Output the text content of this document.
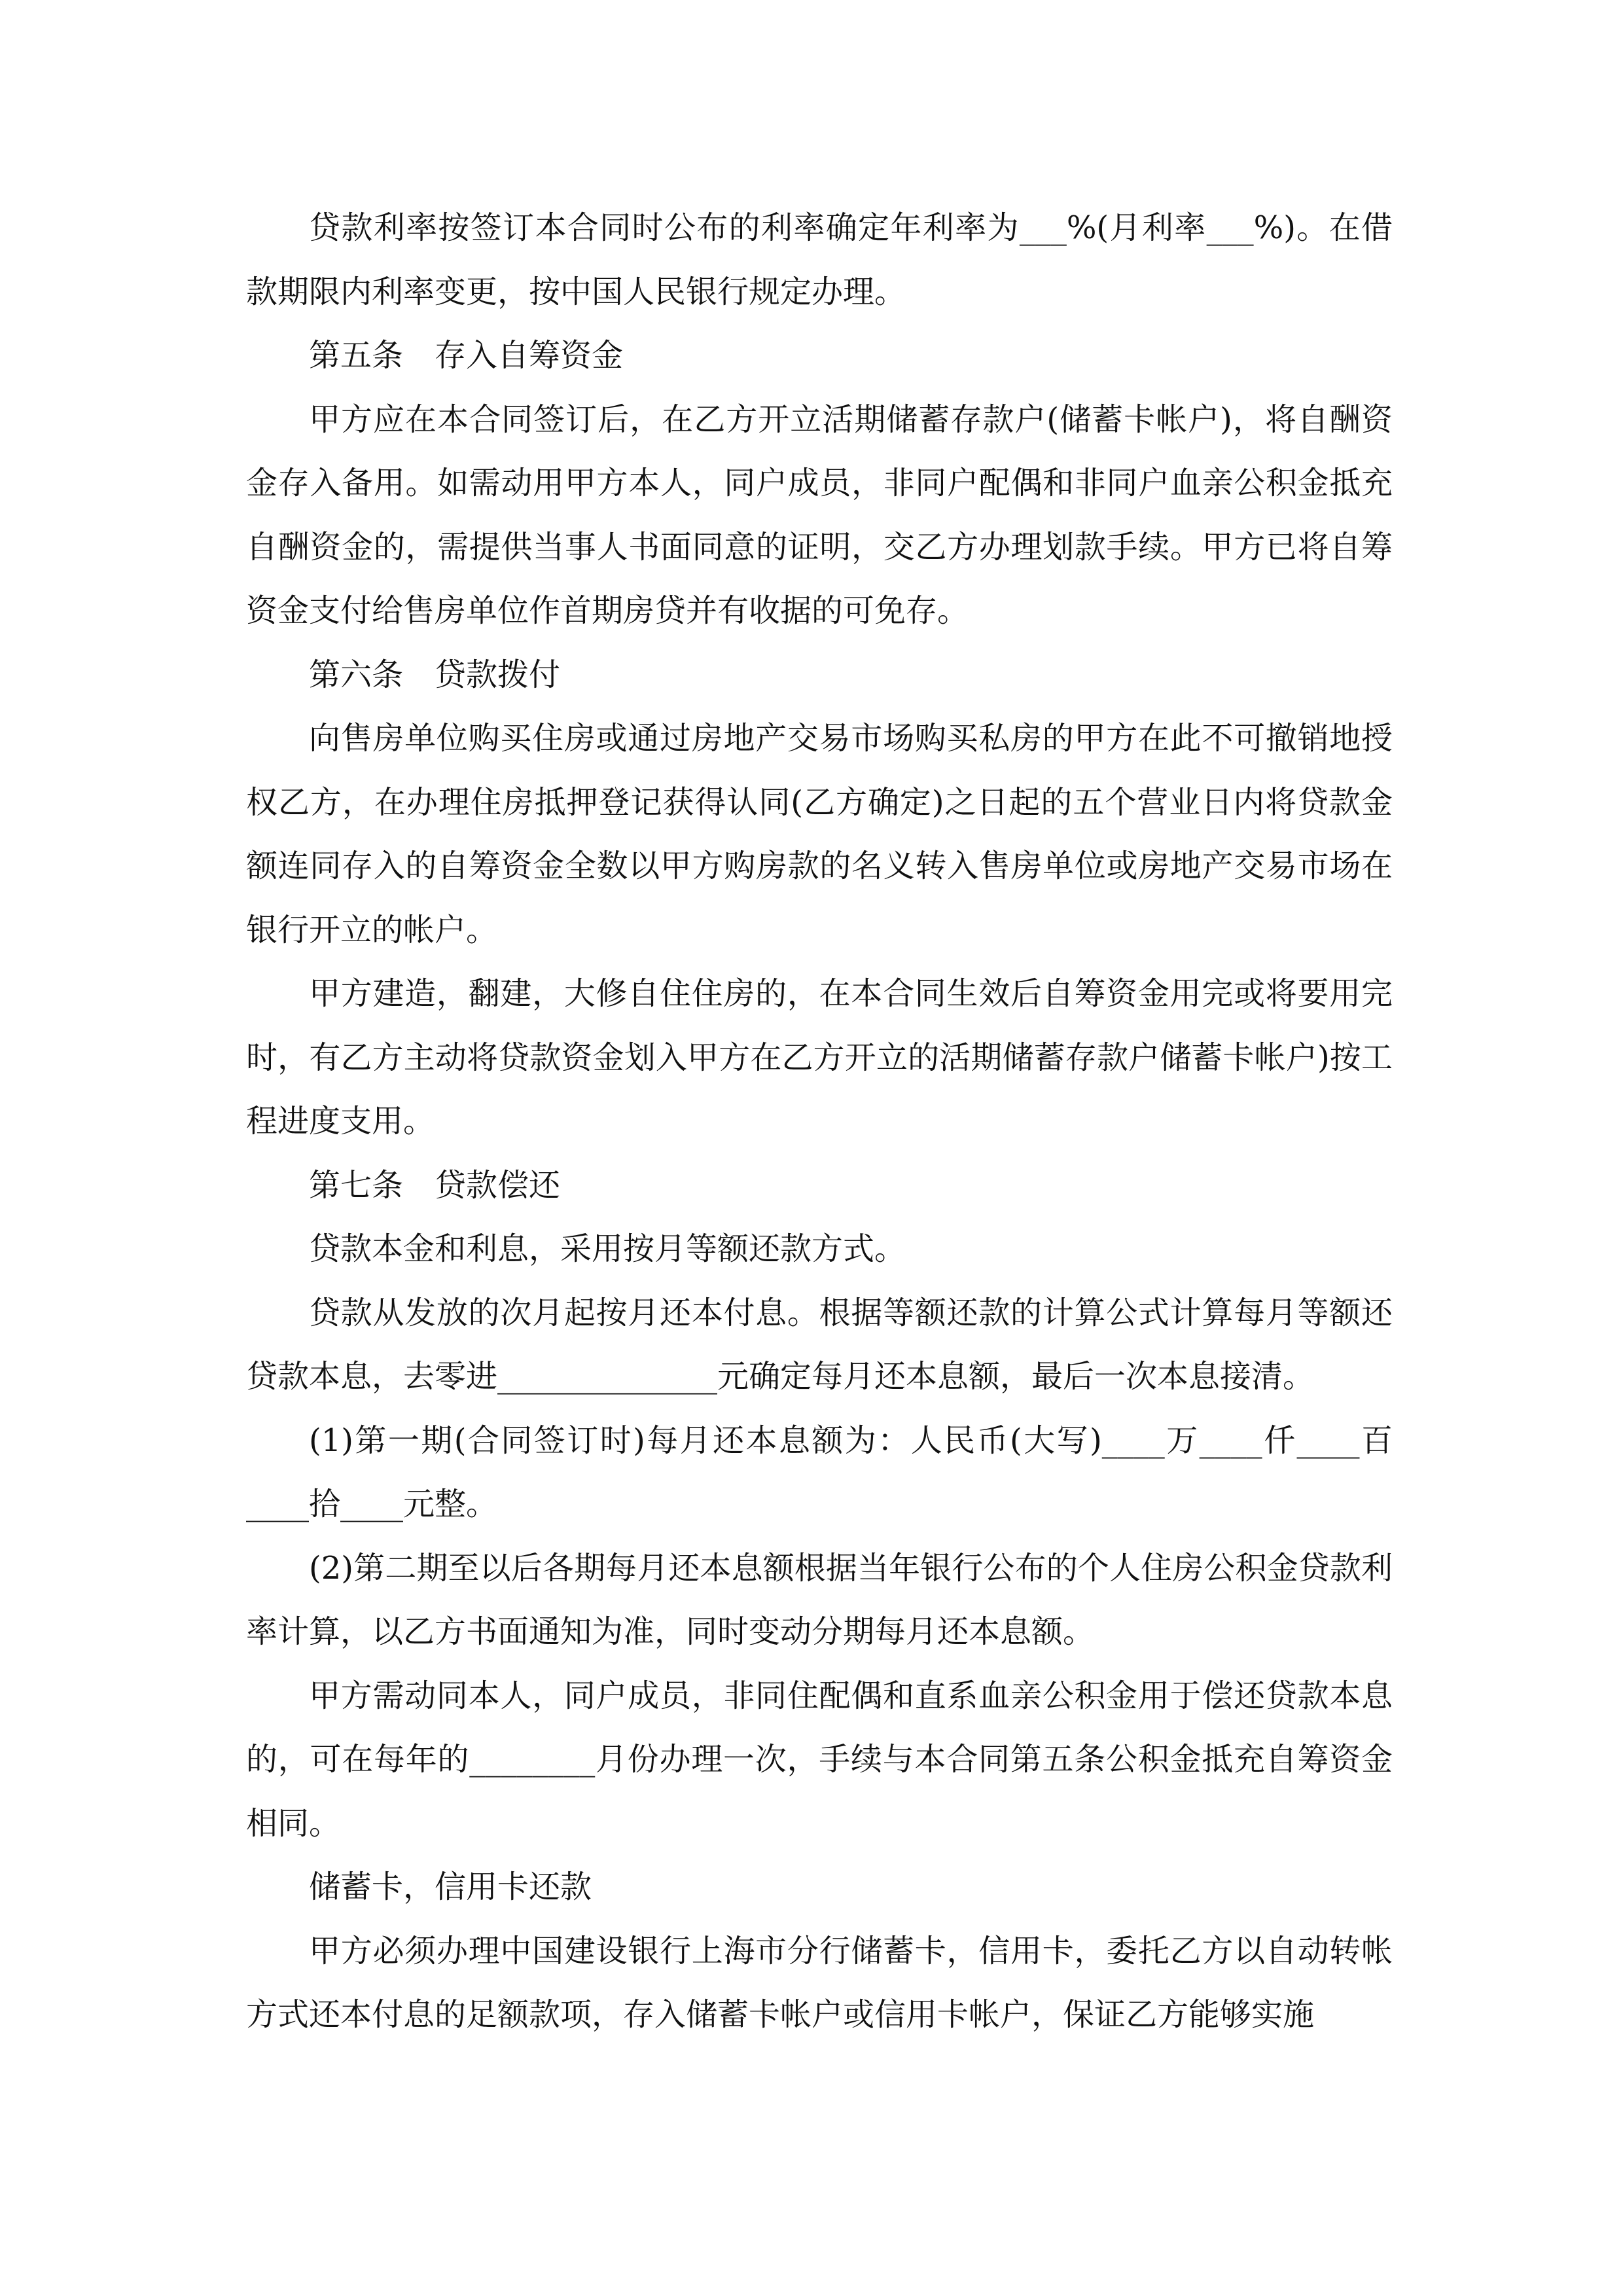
贷款利率按签订本合同时公布的利率确定年利率为___%(月利率___%)。在借款期限内利率变更，按中国人民银行规定办理。

第五条　存入自筹资金

甲方应在本合同签订后，在乙方开立活期储蓄存款户(储蓄卡帐户)，将自酬资金存入备用。如需动用甲方本人，同户成员，非同户配偶和非同户血亲公积金抵充自酬资金的，需提供当事人书面同意的证明，交乙方办理划款手续。甲方已将自筹资金支付给售房单位作首期房贷并有收据的可免存。

第六条　贷款拨付

向售房单位购买住房或通过房地产交易市场购买私房的甲方在此不可撤销地授权乙方，在办理住房抵押登记获得认同(乙方确定)之日起的五个营业日内将贷款金额连同存入的自筹资金全数以甲方购房款的名义转入售房单位或房地产交易市场在银行开立的帐户。

甲方建造，翻建，大修自住住房的，在本合同生效后自筹资金用完或将要用完时，有乙方主动将贷款资金划入甲方在乙方开立的活期储蓄存款户储蓄卡帐户)按工程进度支用。

第七条　贷款偿还

贷款本金和利息，采用按月等额还款方式。

贷款从发放的次月起按月还本付息。根据等额还款的计算公式计算每月等额还贷款本息，去零进______________元确定每月还本息额，最后一次本息接清。

(1)第一期(合同签订时)每月还本息额为：人民币(大写)____万____仟____百____拾____元整。

(2)第二期至以后各期每月还本息额根据当年银行公布的个人住房公积金贷款利率计算，以乙方书面通知为准，同时变动分期每月还本息额。

甲方需动同本人，同户成员，非同住配偶和直系血亲公积金用于偿还贷款本息的，可在每年的________月份办理一次，手续与本合同第五条公积金抵充自筹资金相同。

储蓄卡，信用卡还款

甲方必须办理中国建设银行上海市分行储蓄卡，信用卡，委托乙方以自动转帐方式还本付息的足额款项，存入储蓄卡帐户或信用卡帐户，保证乙方能够实施
